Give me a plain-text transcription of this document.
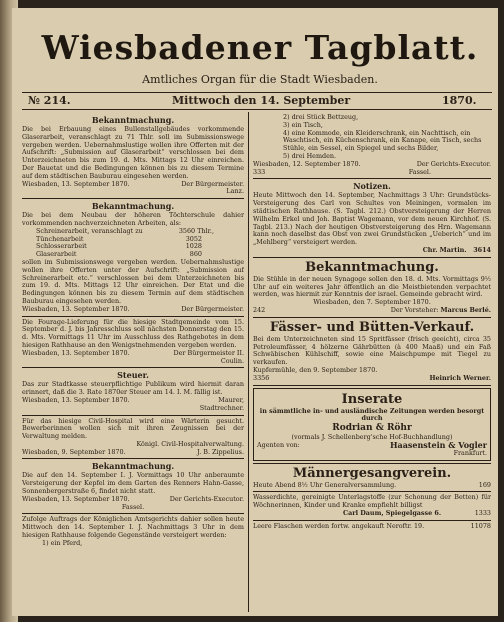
Wiesbadener Tagblatt.
Amtliches Organ für die Stadt Wiesbaden.
№ 214.	Mittwoch den 14. September	1870.
Bekanntmachung.

Die bei Erbauung eines Bullenstallgebäudes vorkommende Glaserarbeit, veranschlagt zu 71 Thlr. soll im Submissionswege vergeben werden. Uebernahmslustige wollen ihre Offerten mit der Aufschrift: „Submission auf Glaserarbeit“ verschlossen bei dem Unterzeichneten bis zum 19. d. Mts. Mittags 12 Uhr einreichen. Der Bauetat und die Bedingungen können bis zu diesem Termine auf dem städtischen Bauburau eingesehen werden.

Wiesbaden, 13. September 1870.	Der Bürgermeister.
Lanz.
Bekanntmachung.

Die bei dem Neubau der höheren Töchterschule dahier vorkommenden nachverzeichneten Arbeiten, als:

Schreinerarbeit, veranschlagt zu	3560 Thlr.,
Tünchenarbeit	3052
Schlosserarbeit	1028
Glaserarbeit	860

sollen im Submissionswege vergeben werden. Uebernahmslustige wollen ihre Offerten unter der Aufschrift: „Submission auf Schreinerarbeit etc.“ verschlossen bei dem Unterzeichneten bis zum 19. d. Mts. Mittags 12 Uhr einreichen. Der Etat und die Bedingungen können bis zu diesem Termin auf dem städtischen Bauburau eingesehen werden.

Wiesbaden, 13. September 1870.	Der Bürgermeister.

Die Fourage-Lieferung für die hiesige Stadtgemeinde vom 15. September d. J. bis Jahresschluss soll nächsten Donnerstag den 15. d. Mts. Vormittags 11 Uhr im Ausschluss des Rathgebotes in dem hiesigen Rathhause an den Wenigstnehmenden vergeben werden.

Wiesbaden, 13. September 1870.	Der Bürgermeister II.
Coulin.
Steuer.

Das zur Stadtkasse steuerpflichtige Publikum wird hiermit daran erinnert, daß die 3. Rate 1870er Steuer am 14. I. M. fällig ist.

Wiesbaden, 13. September 1870.	Maurer,
Stadtrechner.

Für das hiesige Civil-Hospital wird eine Wärterin gesucht. Bewerberinnen wollen sich mit ihren Zeugnissen bei der Verwaltung melden.

Königl. Civil-Hospitalverwaltung.
Wiesbaden, 9. September 1870.	J. B. Zippelius.
Bekanntmachung.

Die auf den 14. September I. J. Vormittags 10 Uhr anberaumte Versteigerung der Kepfel im dem Garten des Renners Hahn-Gasse, Sonnenbergerstraße 6, findet nicht statt.

Wiesbaden, 13. September 1870.	Der Gerichts-Executor.
Fassel.

Zufolge Auftrags der Königlichen Amtsgerichts dahier sollen heute Mittwoch den 14. September I. J. Nachmittags 3 Uhr in dem hiesigen Rathhause folgende Gegenstände versteigert werden:

1) ein Pferd,
2) drei Stück Bettzeug,
3) ein Tisch,
4) eine Kommode, ein Kleiderschrank, ein Nachttisch, ein Waschtisch, ein Küchenschrank, ein Kanape, ein Tisch, sechs Stühle, ein Sessel, ein Spiegel und sechs Bilder,
5) drei Hemden.
Wiesbaden, 12. September 1870.	Der Gerichts-Executor.
333	Fassel.
Notizen.

Heute Mittwoch den 14. September, Nachmittags 3 Uhr: Grundstücks-Versteigerung des Carl von Schultes von Meiningen, vormalen im städtischen Rathhause. (S. Tagbl. 212.) Obstversteigerung der Herren Wilhelm Erkel und Joh. Baptist Wagemann, vor dem neuen Kirchhof. (S. Tagbl. 213.) Nach der heutigen Obstversteigerung des Hrn. Wagemann kann noch daselbst das Obst von zwei Grundstücken „Ueberich“ und im „Mehlberg“ versteigert werden.

Chr. Martin. 3614
Bekanntmachung.

Die Stühle in der neuen Synagoge sollen den 18. d. Mts. Vormittags 9½ Uhr auf ein weiteres Jahr öffentlich an die Meistbietenden verpachtet werden, was hiermit zur Kenntnis der israel. Gemeinde gebracht wird.

Wiesbaden, den 7. September 1870.
242	Der Vorsteher: Marcus Berlé.
Fässer- und Bütten-Verkauf.

Bei dem Unterzeichneten sind 15 Spritfässer (frisch geeicht), circa 35 Petroleumfässer, 4 hölzerne Gährbütten (à 400 Maaß) und ein Faß Schwäbischen Kühlschiff, sowie eine Maischpumpe mit Tiegel zu verkaufen.

Kupfermühle, den 9. September 1870.
3356	Heinrich Werner.
Inserate
in sämmtliche in- und ausländische Zeitungen werden besorgt durch
Rodrian & Röhr
(vormals J. Schellenberg'sche Hof-Buchhandlung)
Agenten von:	Haasenstein & Vogler
Frankfurt.
Männergesangverein.
Heute Abend 8½ Uhr Generalversammlung.	169

Wasserdichte, gereinigte Unterlagstoffe (zur Schonung der Betten) für Wöchnerinnen, Kinder und Kranke empfiehlt billigst

Carl Daum, Spiegelgasse 6.	1333
Leere Flaschen werden fortw. angekauft Neroftr. 19.	11078
